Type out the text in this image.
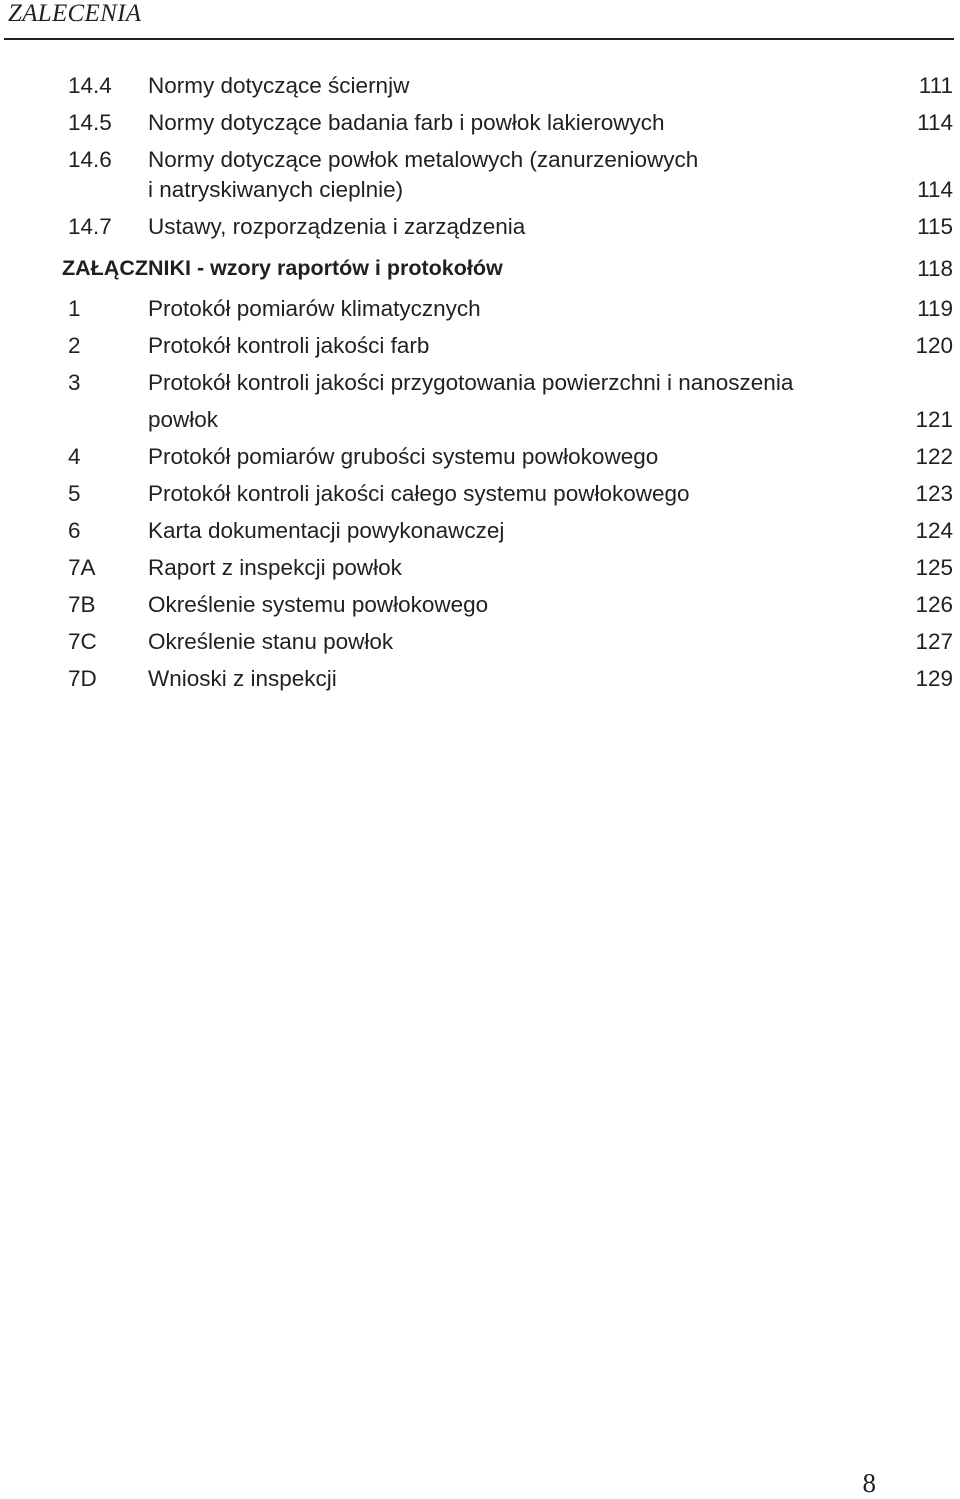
ZALECENIA
14.4 Normy dotyczące ściernjw	111
14.5 Normy dotyczące badania farb i powłok lakierowych	114
14.6 Normy dotyczące powłok metalowych (zanurzeniowych
i natryskiwanych cieplnie)	114
14.7 Ustawy, rozporządzenia i zarządzenia	115
ZAŁĄCZNIKI - wzory raportów i protokołów	118
1	Protokół pomiarów klimatycznych	119
2	Protokół kontroli jakości farb	120
3	Protokół kontroli jakości przygotowania powierzchni i nanoszenia
powłok	121
4	Protokół pomiarów grubości systemu powłokowego	122
5	Protokół kontroli jakości całego systemu powłokowego	123
6	Karta dokumentacji powykonawczej	124
7A Raport z inspekcji powłok	125
7B Określenie systemu powłokowego	126
7C Określenie stanu powłok	127
7D Wnioski z inspekcji	129
8
